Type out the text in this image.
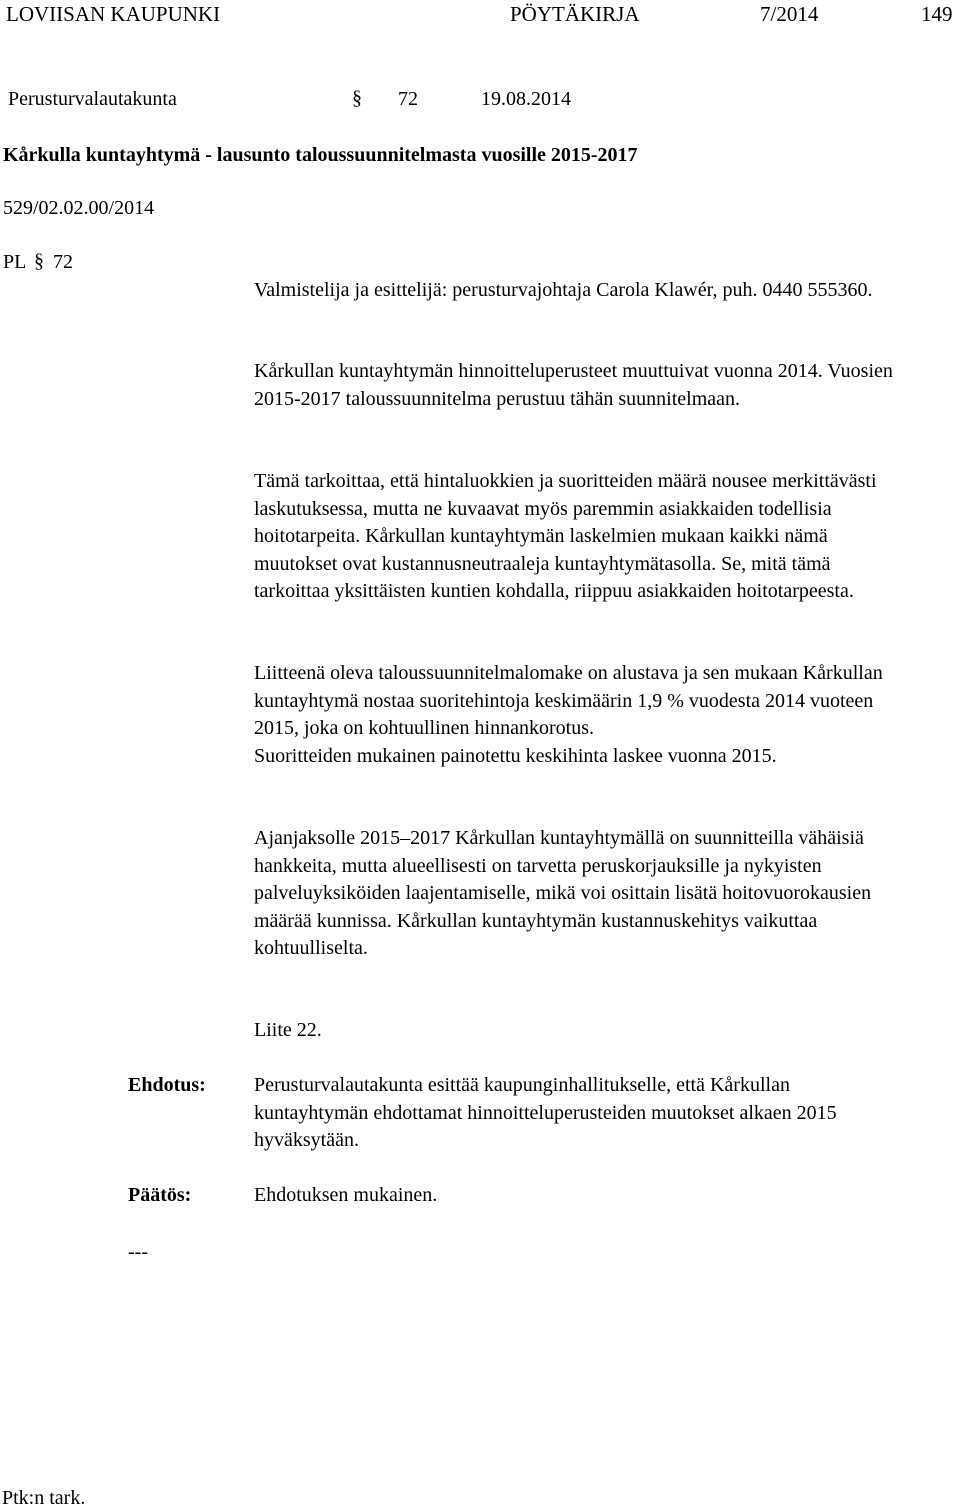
LOVIISAN KAUPUNKI	PÖYTÄKIRJA	7/2014	149
Perusturvalautakunta	§ 72	19.08.2014
Kårkulla kuntayhtymä - lausunto taloussuunnitelmasta vuosille 2015-2017
529/02.02.00/2014
PL § 72

Valmistelija ja esittelijä: perusturvajohtaja Carola Klawér, puh. 0440 555360.

Kårkullan kuntayhtymän hinnoitteluperusteet muuttuivat vuonna 2014. Vuosien 2015-2017 taloussuunnitelma perustuu tähän suunnitelmaan.

Tämä tarkoittaa, että hintaluokkien ja suoritteiden määrä nousee merkittävästi laskutuksessa, mutta ne kuvaavat myös paremmin asiakkaiden todellisia hoitotarpeita. Kårkullan kuntayhtymän laskelmien mukaan kaikki nämä muutokset ovat kustannusneutraaleja kuntayhtymätasolla. Se, mitä tämä tarkoittaa yksittäisten kuntien kohdalla, riippuu asiakkaiden hoitotarpeesta.

Liitteenä oleva taloussuunnitelmalomake on alustava ja sen mukaan Kårkullan kuntayhtymä nostaa suoritehintoja keskimäärin 1,9 % vuodesta 2014 vuoteen 2015, joka on kohtuullinen hinnankorotus.

Suoritteiden mukainen painotettu keskihinta laskee vuonna 2015.

Ajanjaksolle 2015–2017 Kårkullan kuntayhtymällä on suunnitteilla vähäisiä hankkeita, mutta alueellisesti on tarvetta peruskorjauksille ja nykyisten palveluyksiköiden laajentamiselle, mikä voi osittain lisätä hoitovuorokausien määrää kunnissa. Kårkullan kuntayhtymän kustannuskehitys vaikuttaa kohtuulliselta.

Liite 22.

Ehdotus:	Perusturvalautakunta esittää kaupunginhallitukselle, että Kårkullan kuntayhtymän ehdottamat hinnoitteluperusteiden muutokset alkaen 2015 hyväksytään.

Päätös:	Ehdotuksen mukainen.

---
Ptk:n tark.
